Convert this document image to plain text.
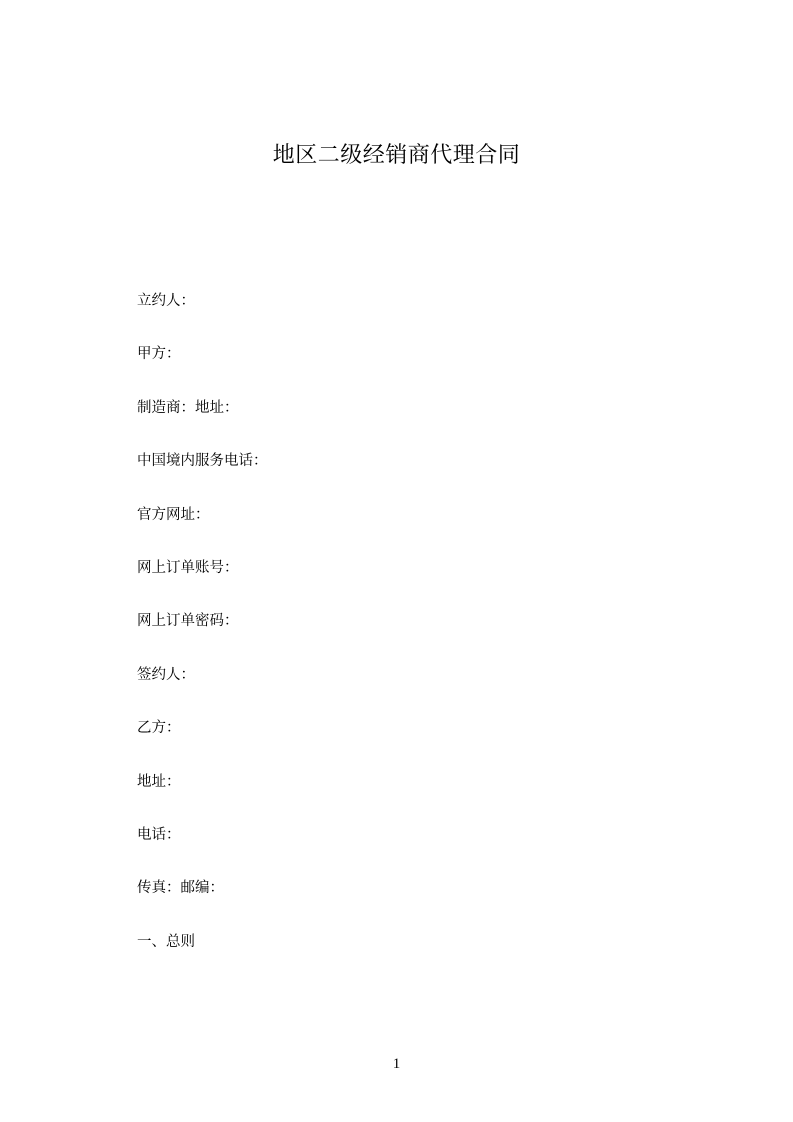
地区二级经销商代理合同
立约人：
甲方：
制造商：地址：
中国境内服务电话：
官方网址：
网上订单账号：
网上订单密码：
签约人：
乙方：
地址：
电话：
传真：邮编：
一、总则
1
